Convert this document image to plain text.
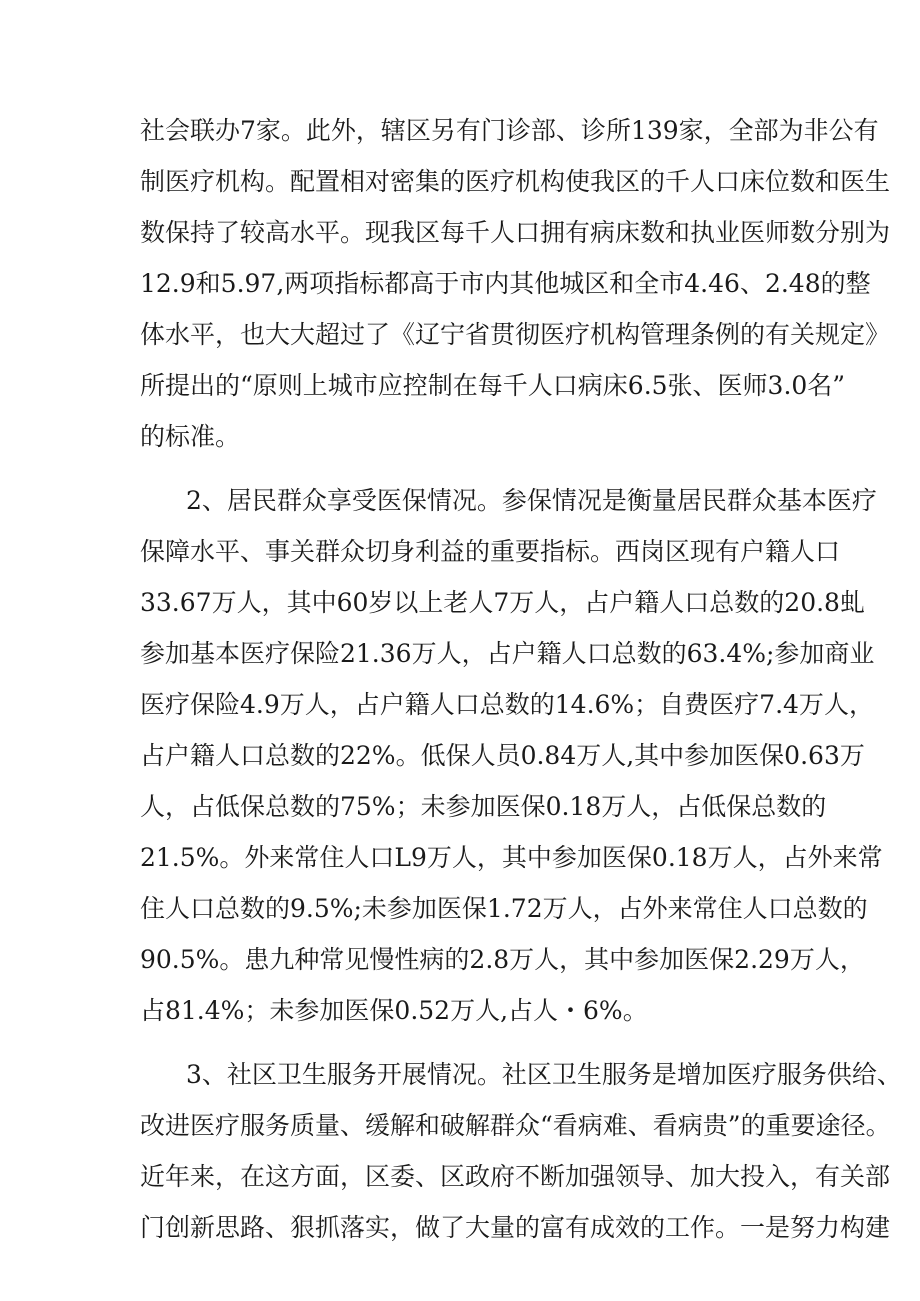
社会联办7家。此外，辖区另有门诊部、诊所139家，全部为非公有
制医疗机构。配置相对密集的医疗机构使我区的千人口床位数和医生
数保持了较高水平。现我区每千人口拥有病床数和执业医师数分别为
12.9和5.97,两项指标都高于市内其他城区和全市4.46、2.48的整
体水平，也大大超过了《辽宁省贯彻医疗机构管理条例的有关规定》
所提出的“原则上城市应控制在每千人口病床6.5张、医师3.0名”
的标准。
2、居民群众享受医保情况。参保情况是衡量居民群众基本医疗
保障水平、事关群众切身利益的重要指标。西岗区现有户籍人口
33.67万人，其中60岁以上老人7万人，占户籍人口总数的20.8虬
参加基本医疗保险21.36万人，占户籍人口总数的63.4%;参加商业
医疗保险4.9万人，占户籍人口总数的14.6%；自费医疗7.4万人，
占户籍人口总数的22%。低保人员0.84万人,其中参加医保0.63万
人，占低保总数的75%；未参加医保0.18万人，占低保总数的
21.5%。外来常住人口L9万人，其中参加医保0.18万人，占外来常
住人口总数的9.5%;未参加医保1.72万人，占外来常住人口总数的
90.5%。患九种常见慢性病的2.8万人，其中参加医保2.29万人，
占81.4%；未参加医保0.52万人,占人・6%。
3、社区卫生服务开展情况。社区卫生服务是增加医疗服务供给、
改进医疗服务质量、缓解和破解群众“看病难、看病贵”的重要途径。
近年来，在这方面，区委、区政府不断加强领导、加大投入，有关部
门创新思路、狠抓落实，做了大量的富有成效的工作。一是努力构建
